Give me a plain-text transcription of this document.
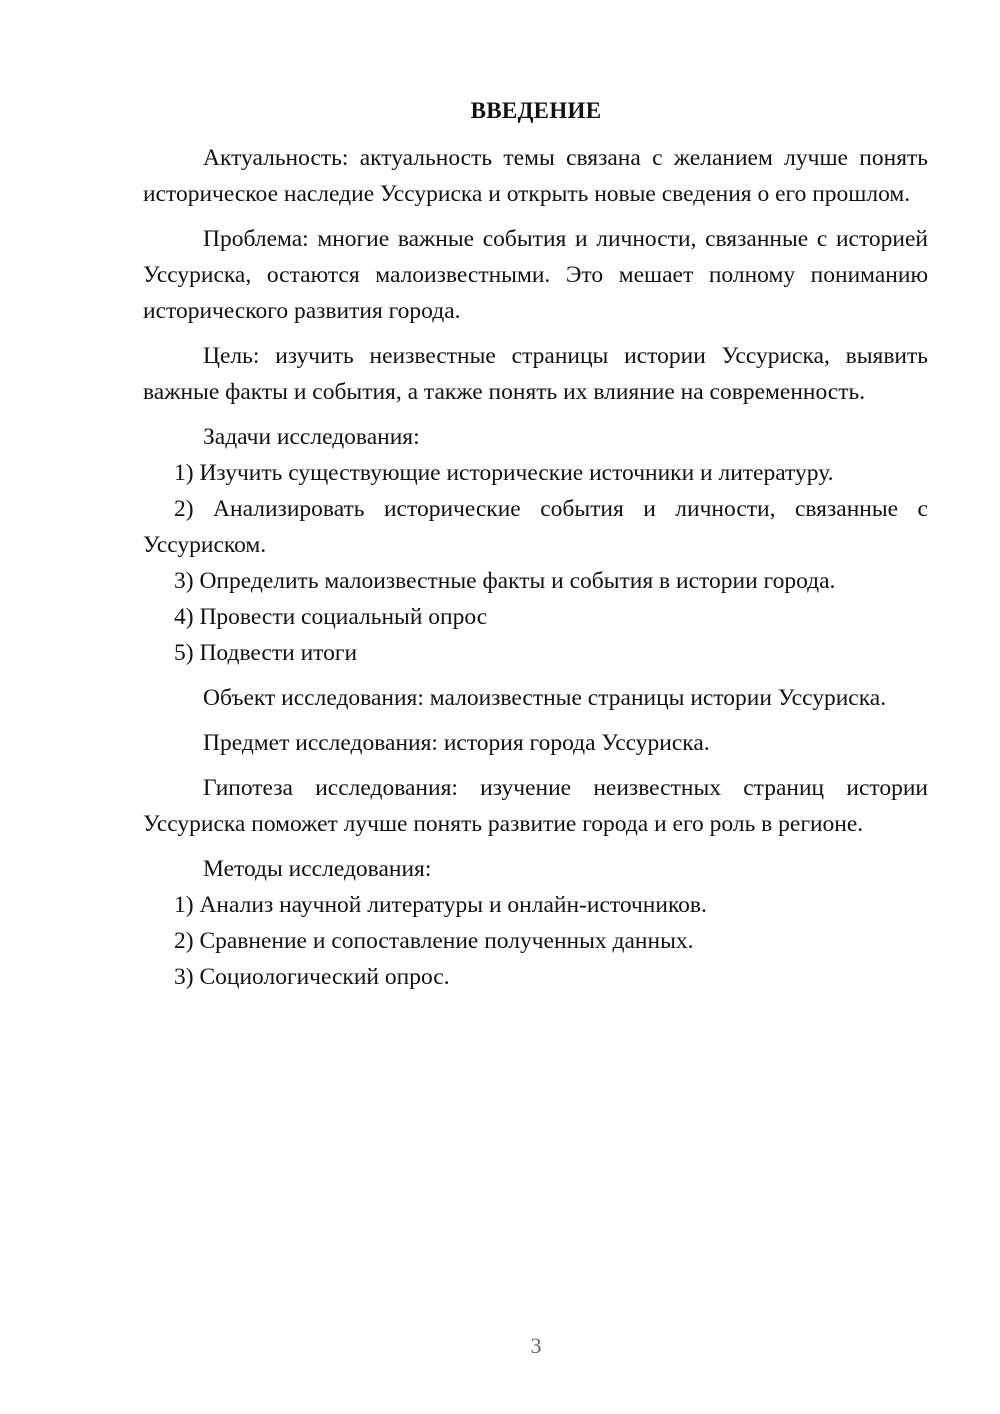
ВВЕДЕНИЕ

Актуальность: актуальность темы связана с желанием лучше понять историческое наследие Уссуриска и открыть новые сведения о его прошлом.

Проблема: многие важные события и личности, связанные с историей Уссуриска, остаются малоизвестными. Это мешает полному пониманию исторического развития города.

Цель: изучить неизвестные страницы истории Уссуриска, выявить важные факты и события, а также понять их влияние на современность.

Задачи исследования:

1) Изучить существующие исторические источники и литературу.

2) Анализировать исторические события и личности, связанные с Уссуриском.

3) Определить малоизвестные факты и события в истории города.

4) Провести социальный опрос

5) Подвести итоги

Объект исследования: малоизвестные страницы истории Уссуриска.

Предмет исследования: история города Уссуриска.

Гипотеза исследования: изучение неизвестных страниц истории Уссуриска поможет лучше понять развитие города и его роль в регионе.

Методы исследования:

1) Анализ научной литературы и онлайн-источников.

2) Сравнение и сопоставление полученных данных.

3) Социологический опрос.

3
